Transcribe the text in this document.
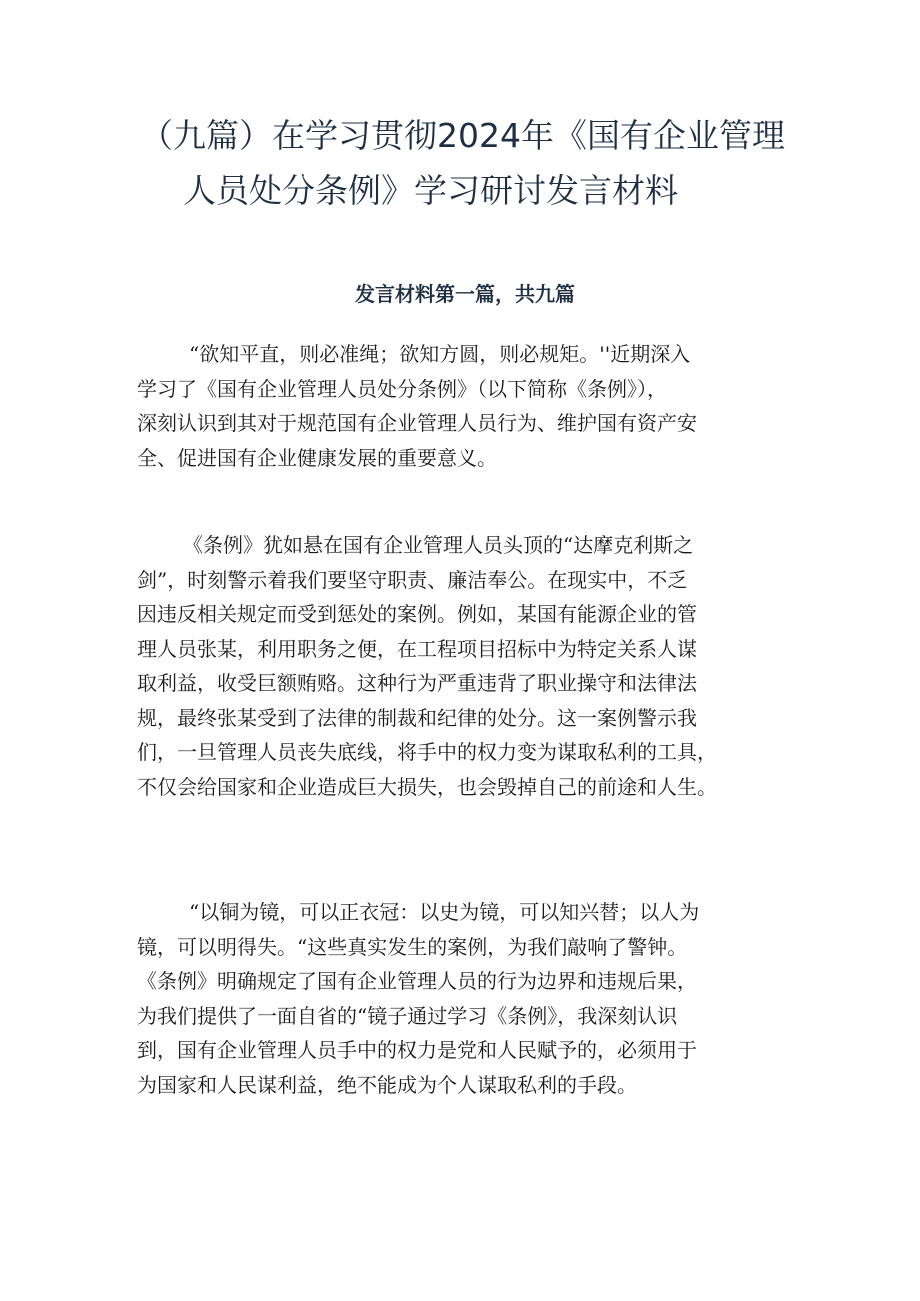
（九篇）在学习贯彻2024年《国有企业管理
人员处分条例》学习研讨发言材料
发言材料第一篇，共九篇

“欲知平直，则必准绳；欲知方圆，则必规矩。''近期深入
学习了《国有企业管理人员处分条例》（以下简称《条例》），
深刻认识到其对于规范国有企业管理人员行为、维护国有资产安
全、促进国有企业健康发展的重要意义。

《条例》犹如悬在国有企业管理人员头顶的“达摩克利斯之
剑”，时刻警示着我们要坚守职责、廉洁奉公。在现实中，不乏
因违反相关规定而受到惩处的案例。例如，某国有能源企业的管
理人员张某，利用职务之便，在工程项目招标中为特定关系人谋
取利益，收受巨额贿赂。这种行为严重违背了职业操守和法律法
规，最终张某受到了法律的制裁和纪律的处分。这一案例警示我
们，一旦管理人员丧失底线，将手中的权力变为谋取私利的工具，
不仅会给国家和企业造成巨大损失，也会毁掉自己的前途和人生。

“以铜为镜，可以正衣冠：以史为镜，可以知兴替；以人为
镜，可以明得失。“这些真实发生的案例，为我们敲响了警钟。
《条例》明确规定了国有企业管理人员的行为边界和违规后果，
为我们提供了一面自省的“镜子通过学习《条例》，我深刻认识
到，国有企业管理人员手中的权力是党和人民赋予的，必须用于
为国家和人民谋利益，绝不能成为个人谋取私利的手段。
